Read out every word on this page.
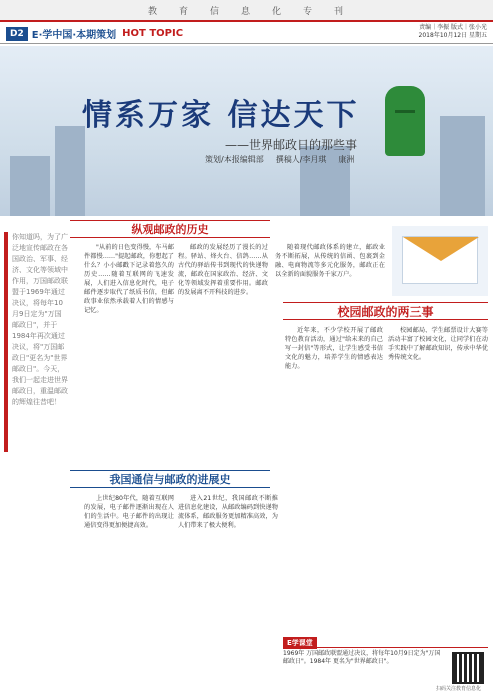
教 育 信 息 化 专 刊
D2 E·学中国·本期策划 HOT TOPIC
责编｜李振 版式｜张小光
2018年10月12日 星期五
情系万家 信达天下
——世界邮政日的那些事
策划/本报编辑部 撰稿人/李月琪 康洲
你知道吗，为了广泛地宣传邮政在各国政治、军事、经济、文化等领域中作用，万国邮政联盟于1969年通过决议，将每年10月9日定为"万国邮政日"，并于1984年再次通过决议，将"万国邮政日"更名为"世界邮政日"。今天，我们一起走进世界邮政日，重温邮政的辉煌往昔吧！
纵观邮政的历史

"从前的日色变得慢，车马邮件都慢……"提起邮政，你想起了什么？小小邮戳下记录着悠久的历史……随着互联网的飞速发展，人们进入信息化时代，电子邮件逐步取代了纸质书信，但邮政事业依然承载着人们的情感与记忆。

邮政的发展经历了漫长的过程。驿站、烽火台、信鸽……从古代的驿站传书到现代的快递物流，邮政在国家政治、经济、文化等领域发挥着重要作用。邮政的发展离不开科技的进步。

随着现代邮政体系的建立，邮政业务不断拓展，从传统的信函、包裹到金融、电商物流等多元化服务，邮政正在以全新的面貌服务千家万户。

我国通信与邮政的进展史

上世纪80年代，随着互联网的发展，电子邮件逐渐出现在人们的生活中。电子邮件的出现让通信变得更加便捷高效。

进入21世纪，我国邮政不断推进信息化建设，从邮政编码到快递物流体系，邮政服务更加精准高效，为人们带来了极大便利。

校园邮政的两三事

近年来，不少学校开展了邮政特色教育活动，通过"给未来的自己写一封信"等形式，让学生感受书信文化的魅力，培养学生的情感表达能力。

校园邮局、学生邮票设计大赛等活动丰富了校园文化，让同学们在动手实践中了解邮政知识，传承中华优秀传统文化。

E学课堂
1969年 万国邮政联盟通过决议，将每年10月9日定为"万国邮政日"。1984年 更名为"世界邮政日"。
扫码关注教育信息化
